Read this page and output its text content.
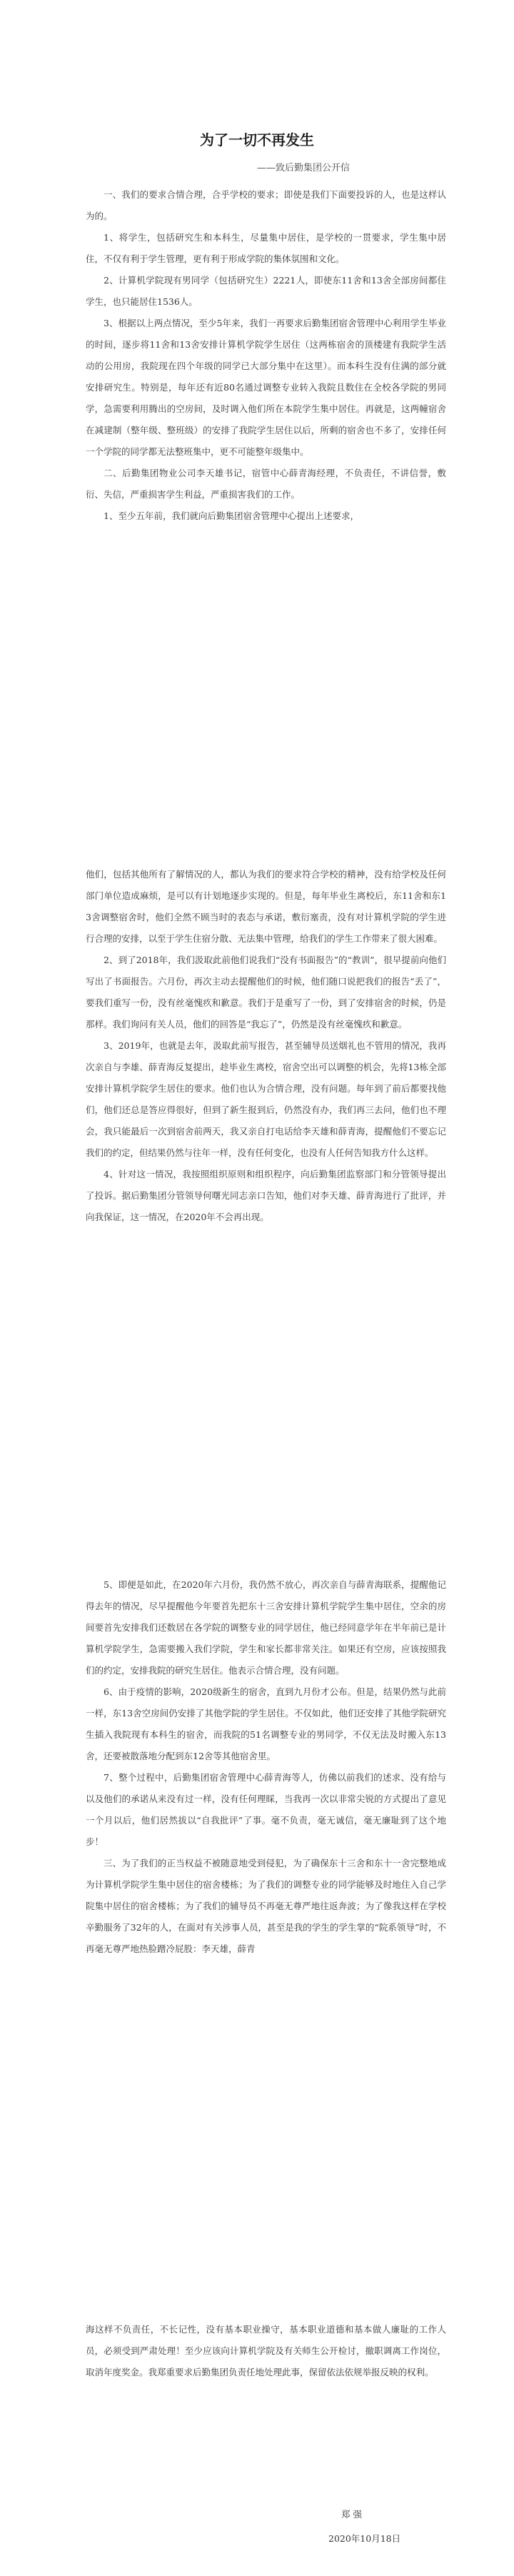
为了一切不再发生

——致后勤集团公开信

一、我们的要求合情合理，合乎学校的要求；即使是我们下面要投诉的人，也是这样认为的。

1、将学生，包括研究生和本科生，尽量集中居住，是学校的一贯要求，学生集中居住，不仅有利于学生管理，更有利于形成学院的集体氛围和文化。

2、计算机学院现有男同学（包括研究生）2221人，即使东11舍和13舍全部房间都住学生，也只能居住1536人。

3、根据以上两点情况，至少5年来，我们一再要求后勤集团宿舍管理中心利用学生毕业的时间，逐步将11舍和13舍安排计算机学院学生居住（这两栋宿舍的顶楼建有我院学生活动的公用房，我院现在四个年级的同学已大部分集中在这里）。而本科生没有住满的部分就安排研究生。特别是，每年还有近80名通过调整专业转入我院且数住在全校各学院的男同学，急需要利用腾出的空房间，及时调入他们所在本院学生集中居住。再就是，这两幢宿舍在减建制（整年级、整班级）的安排了我院学生居住以后，所剩的宿舍也不多了，安排任何一个学院的同学都无法整班集中，更不可能整年级集中。

二、后勤集团物业公司李天雄书记，宿管中心薛青海经理，不负责任，不讲信誉，敷衍、失信，严重损害学生利益，严重损害我们的工作。

1、至少五年前，我们就向后勤集团宿舍管理中心提出上述要求，

他们，包括其他所有了解情况的人，都认为我们的要求符合学校的精神，没有给学校及任何部门单位造成麻烦，是可以有计划地逐步实现的。但是，每年毕业生离校后，东11舍和东13舍调整宿舍时，他们全然不顾当时的表态与承诺，敷衍塞责，没有对计算机学院的学生进行合理的安排，以至于学生住宿分散、无法集中管理，给我们的学生工作带来了很大困难。

2、到了2018年，我们汲取此前他们说我们“没有书面报告”的“教训”，很早提前向他们写出了书面报告。六月份，再次主动去提醒他们的时候，他们随口说把我们的报告“丢了”，要我们重写一份，没有丝毫愧疚和歉意。我们于是重写了一份，到了安排宿舍的时候，仍是那样。我们询问有关人员，他们的回答是“我忘了”，仍然是没有丝毫愧疚和歉意。

3、2019年，也就是去年，汲取此前写报告，甚至辅导员送烟礼也不管用的情况，我再次亲自与李雄、薛青海反复提出，趁毕业生离校，宿舍空出可以调整的机会，先将13栋全部安排计算机学院学生居住的要求。他们也认为合情合理，没有问题。每年到了前后都要找他们，他们还总是答应得很好，但到了新生报到后，仍然没有办，我们再三去问，他们也不理会，我只能最后一次到宿舍前两天，我又亲自打电话给李天雄和薛青海，提醒他们不要忘记我们的约定，但结果仍然与往年一样，没有任何变化，也没有人任何告知我方什么这样。

4、针对这一情况，我按照组织原则和组织程序，向后勤集团监察部门和分管领导提出了投诉。据后勤集团分管领导何曙光同志亲口告知，他们对李天雄、薛青海进行了批评，并向我保证，这一情况，在2020年不会再出现。

5、即便是如此，在2020年六月份，我仍然不放心，再次亲自与薛青海联系，提醒他记得去年的情况，尽早提醒他今年要首先把东十三舍安排计算机学院学生集中居住，空余的房间要首先安排我们还数居在各学院的调整专业的同学居住，他已经同意学年在半年前已是计算机学院学生，急需要搬入我们学院，学生和家长都非常关注。如果还有空房，应该按照我们的约定，安排我院的研究生居住。他表示合情合理，没有问题。

6、由于疫情的影响，2020级新生的宿舍，直到九月份才公布。但是，结果仍然与此前一样，东13舍空房间仍安排了其他学院的学生居住。不仅如此，他们还安排了其他学院研究生插入我院现有本科生的宿舍，而我院的51名调整专业的男同学，不仅无法及时搬入东13舍，还要被散落地分配到东12舍等其他宿舍里。

7、整个过程中，后勤集团宿舍管理中心薛青海等人，仿佛以前我们的述求、没有给与以及他们的承诺从来没有过一样，没有任何理睬，当我再一次以非常尖锐的方式提出了意见一个月以后，他们居然拔以“自我批评”了事。毫不负责，毫无诚信，毫无廉耻到了这个地步！

三、为了我们的正当权益不被随意地受到侵犯，为了确保东十三舍和东十一舍完整地成为计算机学院学生集中居住的宿舍楼栋；为了我们的调整专业的同学能够及时地住入自己学院集中居住的宿舍楼栋；为了我们的辅导员不再毫无尊严地往返奔波；为了像我这样在学校辛勤服务了32年的人，在面对有关涉事人员，甚至是我的学生的学生掌的“院系领导”时，不再毫无尊严地热脸蹭冷屁股：李天雄，薛青

海这样不负责任，不长记性，没有基本职业操守，基本职业道德和基本做人廉耻的工作人员，必须受到严肃处理！至少应该向计算机学院及有关师生公开检讨，撤职调离工作岗位，取消年度奖金。我郑重要求后勤集团负责任地处理此事，保留依法依规举报反映的权利。

郑 强
2020年10月18日
